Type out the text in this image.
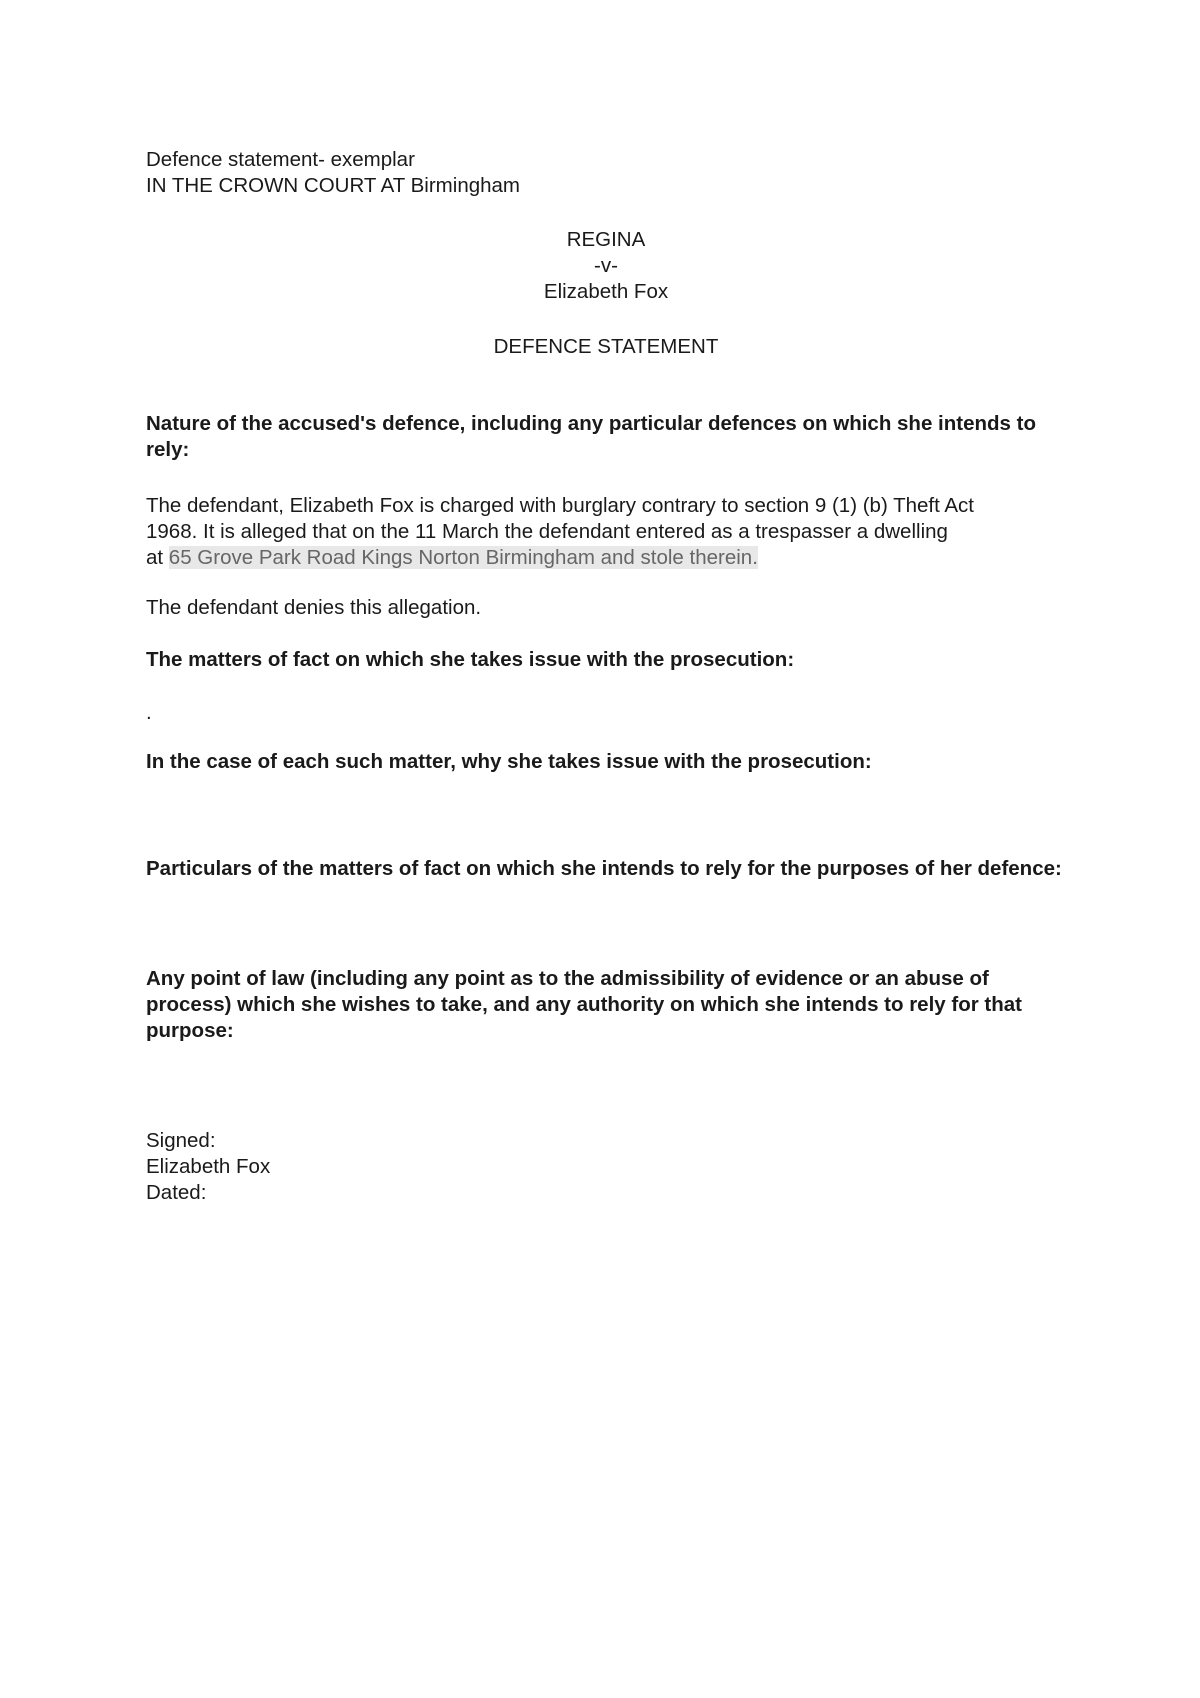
Defence statement- exemplar
IN THE CROWN COURT AT Birmingham
REGINA
-v-
Elizabeth Fox
DEFENCE STATEMENT
Nature of the accused's defence, including any particular defences on which she intends to rely:
The defendant, Elizabeth Fox is charged with burglary contrary to section 9 (1) (b) Theft Act
1968. It is alleged that on the 11 March the defendant entered as a trespasser a dwelling
at 65 Grove Park Road Kings Norton Birmingham and stole therein.
The defendant denies this allegation.
The matters of fact on which she takes issue with the prosecution:
.
In the case of each such matter, why she takes issue with the prosecution:
Particulars of the matters of fact on which she intends to rely for the purposes of her defence:
Any point of law (including any point as to the admissibility of evidence or an abuse of process) which she wishes to take, and any authority on which she intends to rely for that purpose:
Signed:
Elizabeth Fox
Dated:
